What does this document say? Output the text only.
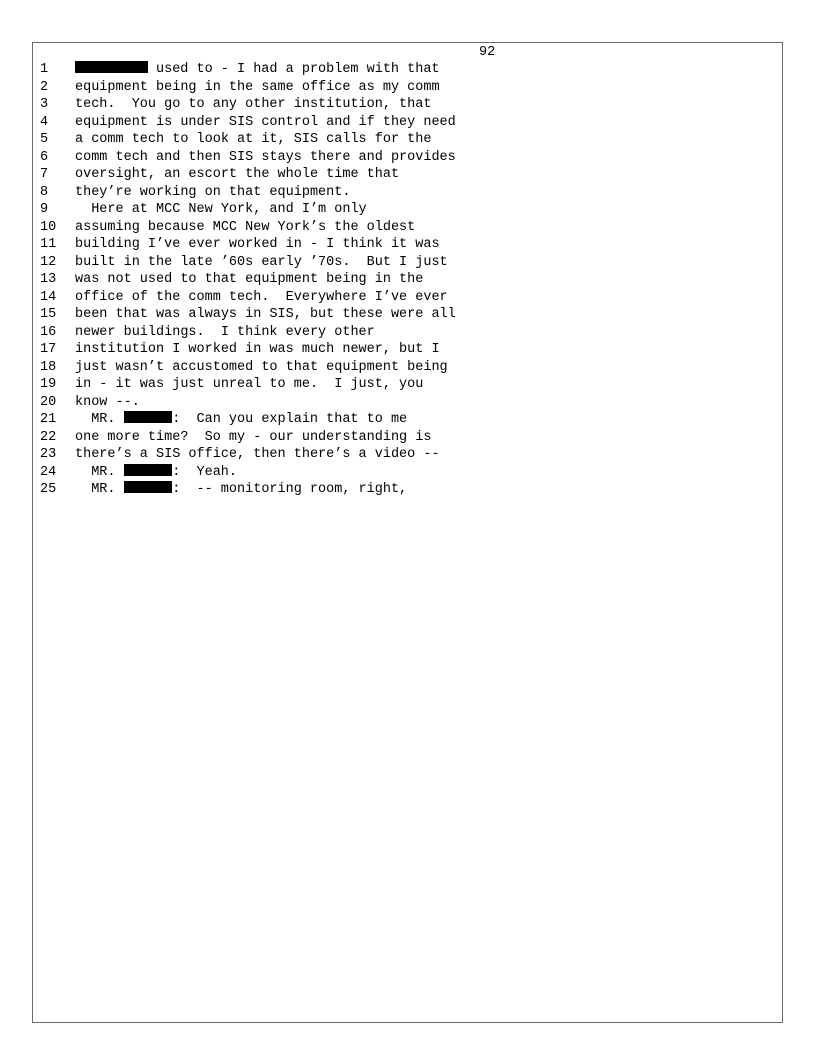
92
1	used to - I had a problem with that
2	equipment being in the same office as my comm
3	tech.  You go to any other institution, that
4	equipment is under SIS control and if they need
5	a comm tech to look at it, SIS calls for the
6	comm tech and then SIS stays there and provides
7	oversight, an escort the whole time that
8	they’re working on that equipment.
9	Here at MCC New York, and I’m only
10 assuming because MCC New York’s the oldest
11 building I’ve ever worked in - I think it was
12 built in the late ’60s early ’70s.  But I just
13 was not used to that equipment being in the
14 office of the comm tech.  Everywhere I’ve ever
15 been that was always in SIS, but these were all
16 newer buildings.  I think every other
17 institution I worked in was much newer, but I
18 just wasn’t accustomed to that equipment being
19 in - it was just unreal to me.  I just, you
20 know --.
21 MR.	:  Can you explain that to me
22 one more time?  So my - our understanding is
23 there’s a SIS office, then there’s a video --
24 MR.	:  Yeah.
25 MR.	:  -- monitoring room, right,
